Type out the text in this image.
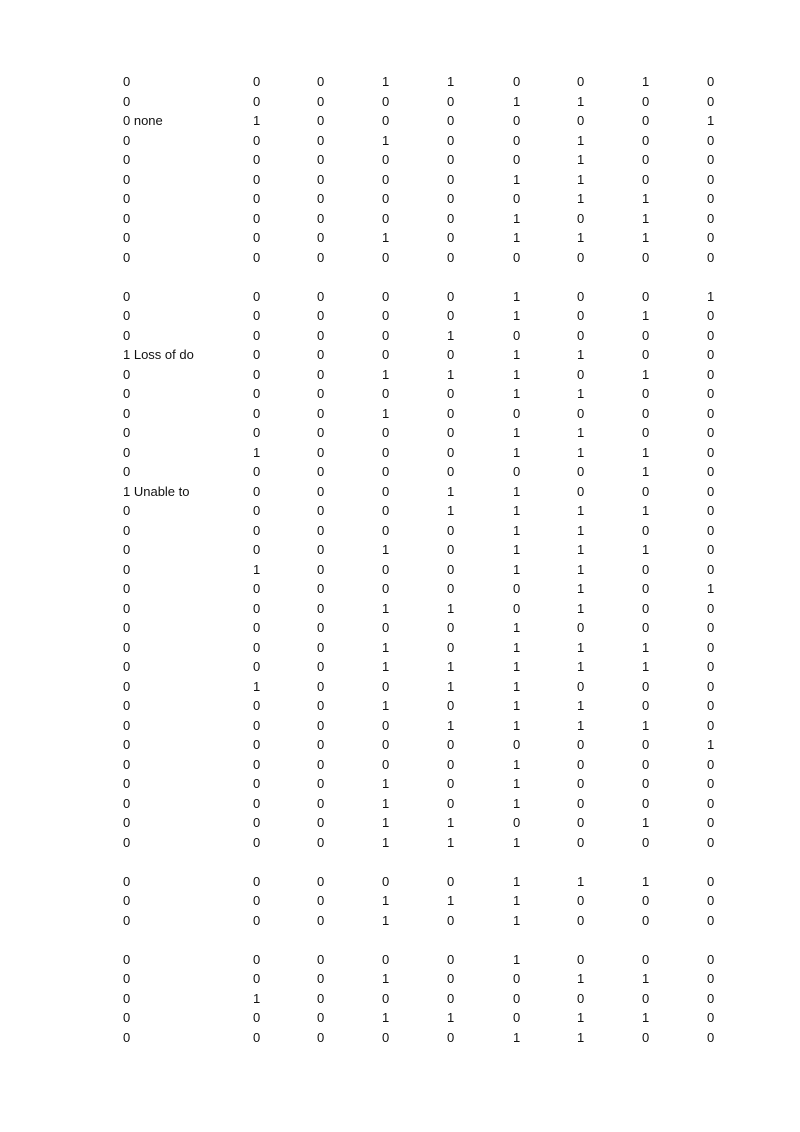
0	0	0	1	1	0	0	1	0
0	0	0	0	0	1	1	0	0
0 none	1	0	0	0	0	0	0	1
0	0	0	1	0	0	1	0	0
0	0	0	0	0	0	1	0	0
0	0	0	0	0	1	1	0	0
0	0	0	0	0	0	1	1	0
0	0	0	0	0	1	0	1	0
0	0	0	1	0	1	1	1	0
0	0	0	0	0	0	0	0	0
0	0	0	0	0	1	0	0	1
0	0	0	0	0	1	0	1	0
0	0	0	0	1	0	0	0	0
1 Loss of do	0	0	0	0	1	1	0	0
0	0	0	1	1	1	0	1	0
0	0	0	0	0	1	1	0	0
0	0	0	1	0	0	0	0	0
0	0	0	0	0	1	1	0	0
0	1	0	0	0	1	1	1	0
0	0	0	0	0	0	0	1	0
1 Unable to	0	0	0	1	1	0	0	0
0	0	0	0	1	1	1	1	0
0	0	0	0	0	1	1	0	0
0	0	0	1	0	1	1	1	0
0	1	0	0	0	1	1	0	0
0	0	0	0	0	0	1	0	1
0	0	0	1	1	0	1	0	0
0	0	0	0	0	1	0	0	0
0	0	0	1	0	1	1	1	0
0	0	0	1	1	1	1	1	0
0	1	0	0	1	1	0	0	0
0	0	0	1	0	1	1	0	0
0	0	0	0	1	1	1	1	0
0	0	0	0	0	0	0	0	1
0	0	0	0	0	1	0	0	0
0	0	0	1	0	1	0	0	0
0	0	0	1	0	1	0	0	0
0	0	0	1	1	0	0	1	0
0	0	0	1	1	1	0	0	0
0	0	0	0	0	1	1	1	0
0	0	0	1	1	1	0	0	0
0	0	0	1	0	1	0	0	0
0	0	0	0	0	1	0	0	0
0	0	0	1	0	0	1	1	0
0	1	0	0	0	0	0	0	0
0	0	0	1	1	0	1	1	0
0	0	0	0	0	1	1	0	0
